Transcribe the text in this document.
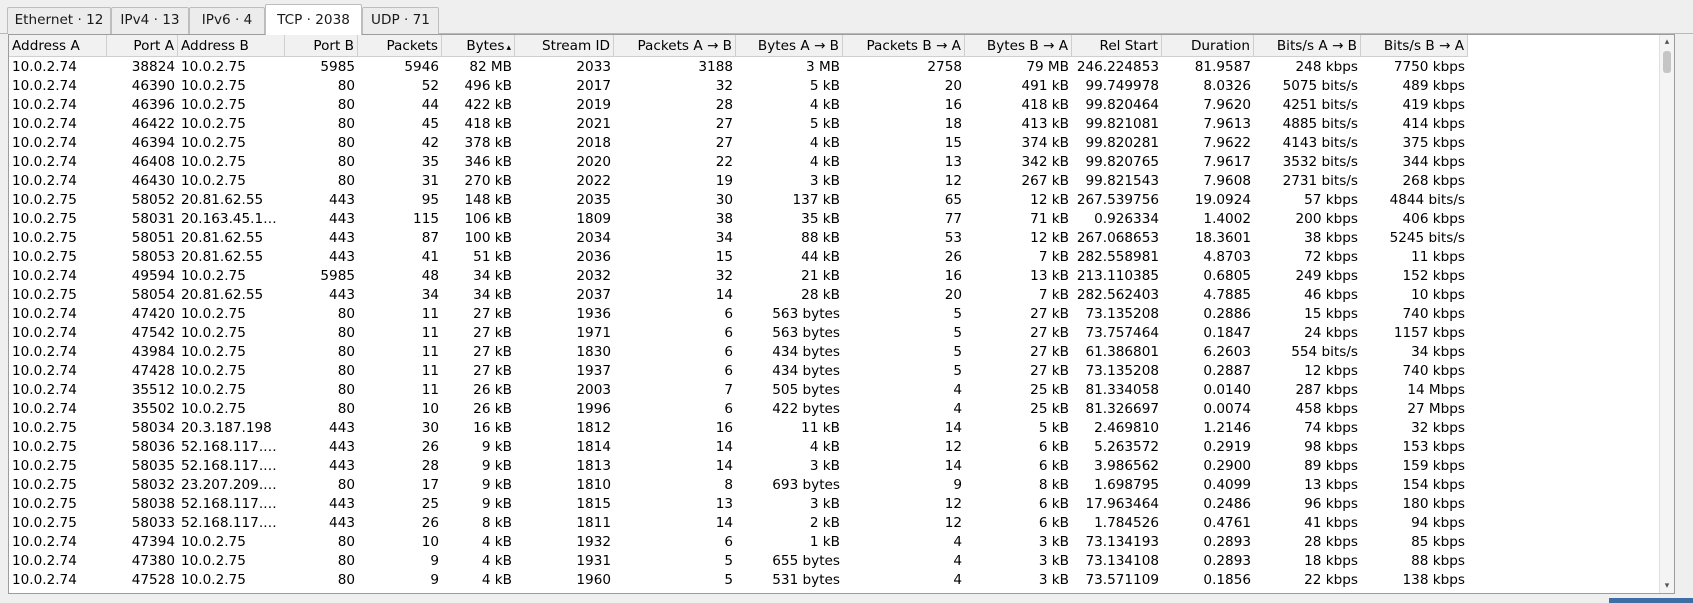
Ethernet · 12	IPv4 · 13	IPv6 · 4	TCP · 2038	UDP · 71
Address A	Port A Address B	Port B	Packets	Bytes ▴	Stream ID	Packets A → B	Bytes A → B	Packets B → A	Bytes B → A	Rel Start	Duration	Bits/s A → B	Bits/s B → A
10.0.2.74	38824 10.0.2.75	5985	5946	82 MB	2033	3188	3 MB	2758	79 MB 246.224853	81.9587	248 kbps	7750 kbps
10.0.2.74	46390 10.0.2.75	80	52	496 kB	2017	32	5 kB	20	491 kB	99.749978	8.0326	5075 bits/s	489 kbps
10.0.2.74	46396 10.0.2.75	80	44	422 kB	2019	28	4 kB	16	418 kB	99.820464	7.9620	4251 bits/s	419 kbps
10.0.2.74	46422 10.0.2.75	80	45	418 kB	2021	27	5 kB	18	413 kB	99.821081	7.9613	4885 bits/s	414 kbps
10.0.2.74	46394 10.0.2.75	80	42	378 kB	2018	27	4 kB	15	374 kB	99.820281	7.9622	4143 bits/s	375 kbps
10.0.2.74	46408 10.0.2.75	80	35	346 kB	2020	22	4 kB	13	342 kB	99.820765	7.9617	3532 bits/s	344 kbps
10.0.2.74	46430 10.0.2.75	80	31	270 kB	2022	19	3 kB	12	267 kB	99.821543	7.9608	2731 bits/s	268 kbps
10.0.2.75	58052 20.81.62.55	443	95	148 kB	2035	30	137 kB	65	12 kB 267.539756	19.0924	57 kbps	4844 bits/s
10.0.2.75	58031 20.163.45.1…	443	115	106 kB	1809	38	35 kB	77	71 kB	0.926334	1.4002	200 kbps	406 kbps
10.0.2.75	58051 20.81.62.55	443	87	100 kB	2034	34	88 kB	53	12 kB 267.068653	18.3601	38 kbps	5245 bits/s
10.0.2.75	58053 20.81.62.55	443	41	51 kB	2036	15	44 kB	26	7 kB 282.558981	4.8703	72 kbps	11 kbps
10.0.2.74	49594 10.0.2.75	5985	48	34 kB	2032	32	21 kB	16	13 kB 213.110385	0.6805	249 kbps	152 kbps
10.0.2.75	58054 20.81.62.55	443	34	34 kB	2037	14	28 kB	20	7 kB 282.562403	4.7885	46 kbps	10 kbps
10.0.2.74	47420 10.0.2.75	80	11	27 kB	1936	6	563 bytes	5	27 kB	73.135208	0.2886	15 kbps	740 kbps
10.0.2.74	47542 10.0.2.75	80	11	27 kB	1971	6	563 bytes	5	27 kB	73.757464	0.1847	24 kbps	1157 kbps
10.0.2.74	43984 10.0.2.75	80	11	27 kB	1830	6	434 bytes	5	27 kB	61.386801	6.2603	554 bits/s	34 kbps
10.0.2.74	47428 10.0.2.75	80	11	27 kB	1937	6	434 bytes	5	27 kB	73.135208	0.2887	12 kbps	740 kbps
10.0.2.74	35512 10.0.2.75	80	11	26 kB	2003	7	505 bytes	4	25 kB	81.334058	0.0140	287 kbps	14 Mbps
10.0.2.74	35502 10.0.2.75	80	10	26 kB	1996	6	422 bytes	4	25 kB	81.326697	0.0074	458 kbps	27 Mbps
10.0.2.75	58034 20.3.187.198	443	30	16 kB	1812	16	11 kB	14	5 kB	2.469810	1.2146	74 kbps	32 kbps
10.0.2.75	58036 52.168.117.…	443	26	9 kB	1814	14	4 kB	12	6 kB	5.263572	0.2919	98 kbps	153 kbps
10.0.2.75	58035 52.168.117.…	443	28	9 kB	1813	14	3 kB	14	6 kB	3.986562	0.2900	89 kbps	159 kbps
10.0.2.75	58032 23.207.209.…	80	17	9 kB	1810	8	693 bytes	9	8 kB	1.698795	0.4099	13 kbps	154 kbps
10.0.2.75	58038 52.168.117.…	443	25	9 kB	1815	13	3 kB	12	6 kB	17.963464	0.2486	96 kbps	180 kbps
10.0.2.75	58033 52.168.117.…	443	26	8 kB	1811	14	2 kB	12	6 kB	1.784526	0.4761	41 kbps	94 kbps
10.0.2.74	47394 10.0.2.75	80	10	4 kB	1932	6	1 kB	4	3 kB	73.134193	0.2893	28 kbps	85 kbps
10.0.2.74	47380 10.0.2.75	80	9	4 kB	1931	5	655 bytes	4	3 kB	73.134108	0.2893	18 kbps	88 kbps
10.0.2.74	47528 10.0.2.75	80	9	4 kB	1960	5	531 bytes	4	3 kB	73.571109	0.1856	22 kbps	138 kbps
▴
▾
